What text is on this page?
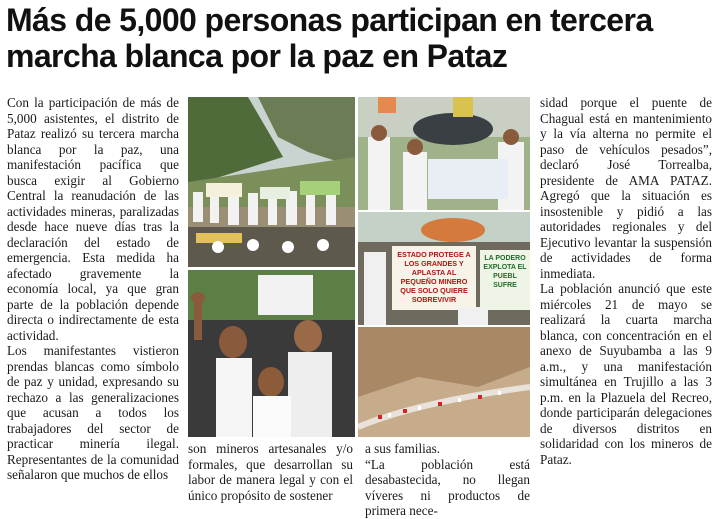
Más de 5,000 personas participan en tercera marcha blanca por la paz en Pataz

Con la participación de más de 5,000 asistentes, el distrito de Pataz realizó su tercera marcha blanca por la paz, una manifestación pacífica que busca exigir al Gobierno Central la reanudación de las actividades mineras, paralizadas desde hace nueve días tras la declaración del estado de emergencia. Esta medida ha afectado gravemente la economía local, ya que gran parte de la población depende directa o indirectamente de esta actividad.

Los manifestantes vistieron prendas blancas como símbolo de paz y unidad, expresando su rechazo a las generalizaciones que acusan a todos los trabajadores del sector de practicar minería ilegal. Representantes de la comunidad señalaron que muchos de ellos

ESTADO PROTEGE A LOS GRANDES Y APLASTA AL PEQUEÑO MINERO QUE SOLO QUIERE SOBREVIVIR
LA PODERO EXPLOTA EL PUEBL SUFRE

son mineros artesanales y/o formales, que desarrollan su labor de manera legal y con el único propósito de sostener

a sus familias.

“La población está desabastecida, no llegan víveres ni productos de primera nece-

sidad porque el puente de Chagual está en mantenimiento y la vía alterna no permite el paso de vehículos pesados”, declaró José Torrealba, presidente de AMA PATAZ. Agregó que la situación es insostenible y pidió a las autoridades regionales y del Ejecutivo levantar la suspensión de actividades de forma inmediata.

La población anunció que este miércoles 21 de mayo se realizará la cuarta marcha blanca, con concentración en el anexo de Suyubamba a las 9 a.m., y una manifestación simultánea en Trujillo a las 3 p.m. en la Plazuela del Recreo, donde participarán delegaciones de diversos distritos en solidaridad con los mineros de Pataz.
